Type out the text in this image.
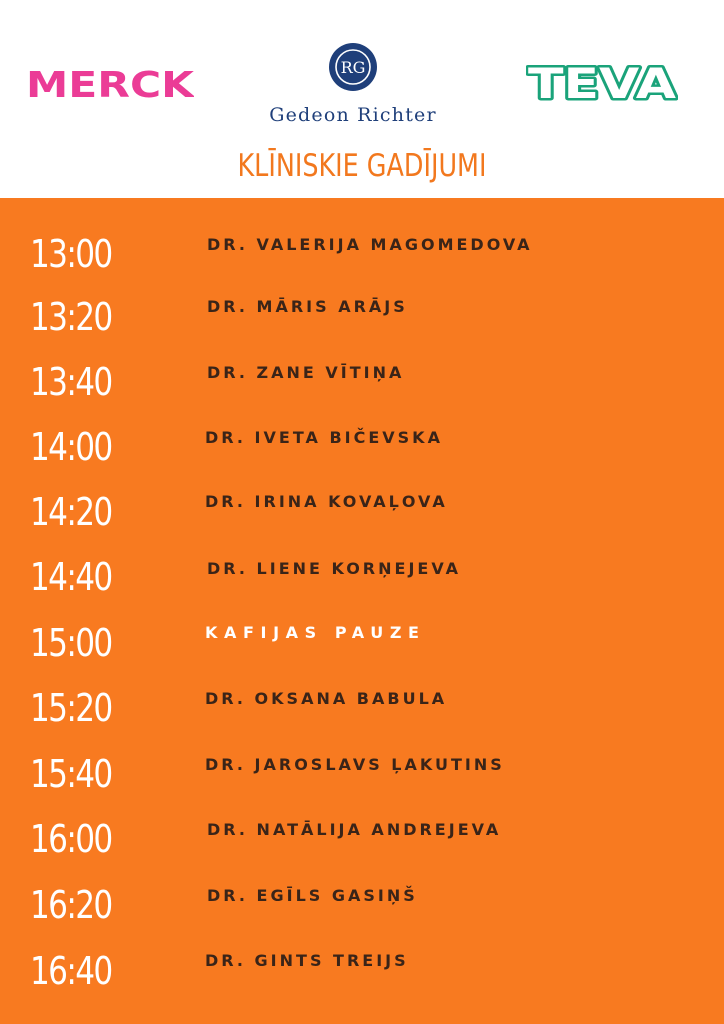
MERCK	RG
Gedeon Richter
TEVA
KLĪNISKIE GADĪJUMI
13:00	DR. VALERIJA MAGOMEDOVA
13:20	DR. MĀRIS ARĀJS
13:40	DR. ZANE VĪTIŅA
14:00	DR. IVETA BIČEVSKA
14:20	DR. IRINA KOVAĻOVA
14:40	DR. LIENE KORŅEJEVA
15:00	KAFIJAS PAUZE
15:20	DR. OKSANA BABULA
15:40	DR. JAROSLAVS ĻAKUTINS
16:00	DR. NATĀLIJA ANDREJEVA
16:20	DR. EGĪLS GASIŅŠ
16:40	DR. GINTS TREIJS
